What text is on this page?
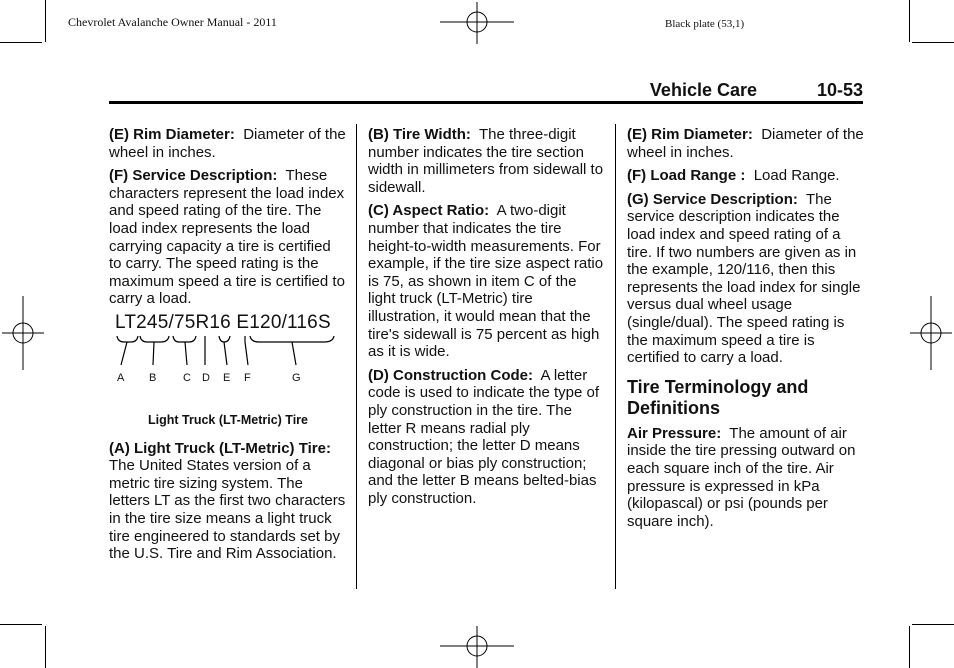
Chevrolet Avalanche Owner Manual - 2011	Black plate (53,1)
Vehicle Care	10-53

(E) Rim Diameter: Diameter of the wheel in inches.

(F) Service Description: These characters represent the load index and speed rating of the tire. The load index represents the load carrying capacity a tire is certified to carry. The speed rating is the maximum speed a tire is certified to carry a load.

LT245/75R16 E120/116S
A B C D E F	G
Light Truck (LT-Metric) Tire

(A) Light Truck (LT-Metric) Tire:  The United States version of a metric tire sizing system. The letters LT as the first two characters in the tire size means a light truck tire engineered to standards set by the U.S. Tire and Rim Association.

(B) Tire Width: The three-digit number indicates the tire section width in millimeters from sidewall to sidewall.

(C) Aspect Ratio: A two-digit number that indicates the tire height-to-width measurements. For example, if the tire size aspect ratio is 75, as shown in item C of the light truck (LT-Metric) tire illustration, it would mean that the tire's sidewall is 75 percent as high as it is wide.

(D) Construction Code: A letter code is used to indicate the type of ply construction in the tire. The letter R means radial ply construction; the letter D means diagonal or bias ply construction; and the letter B means belted-bias ply construction.

(E) Rim Diameter: Diameter of the wheel in inches.

(F) Load Range : Load Range.

(G) Service Description: The service description indicates the load index and speed rating of a tire. If two numbers are given as in the example, 120/116, then this represents the load index for single versus dual wheel usage (single/dual). The speed rating is the maximum speed a tire is certified to carry a load.

Tire Terminology and Definitions

Air Pressure: The amount of air inside the tire pressing outward on each square inch of the tire. Air pressure is expressed in kPa (kilopascal) or psi (pounds per square inch).
